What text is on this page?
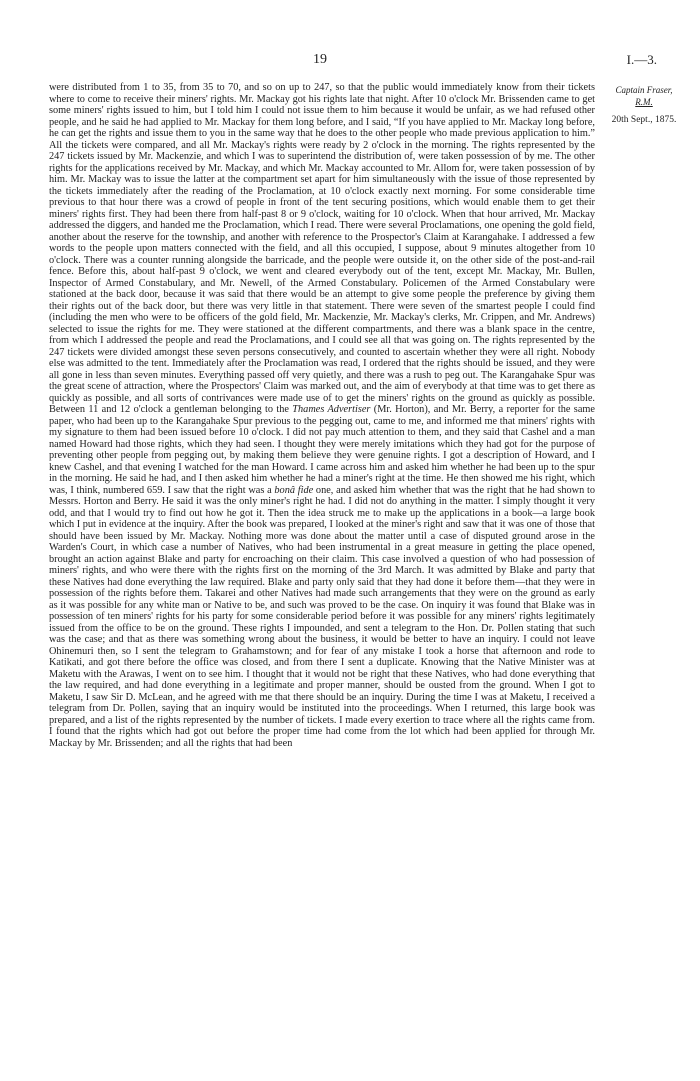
19	I.—3.
Captain Fraser,
R.M.
20th Sept., 1875.

were distributed from 1 to 35, from 35 to 70, and so on up to 247, so that the public would immediately know from their tickets where to come to receive their miners' rights. Mr. Mackay got his rights late that night. After 10 o'clock Mr. Brissenden came to get some miners' rights issued to him, but I told him I could not issue them to him because it would be unfair, as we had refused other people, and he said he had applied to Mr. Mackay for them long before, and I said, “If you have applied to Mr. Mackay long before, he can get the rights and issue them to you in the same way that he does to the other people who made previous application to him.” All the tickets were compared, and all Mr. Mackay's rights were ready by 2 o'clock in the morning. The rights represented by the 247 tickets issued by Mr. Mackenzie, and which I was to superintend the distribution of, were taken possession of by me. The other rights for the applications received by Mr. Mackay, and which Mr. Mackay accounted to Mr. Allom for, were taken possession of by him. Mr. Mackay was to issue the latter at the compartment set apart for him simultaneously with the issue of those represented by the tickets immediately after the reading of the Proclamation, at 10 o'clock exactly next morning. For some considerable time previous to that hour there was a crowd of people in front of the tent securing positions, which would enable them to get their miners' rights first. They had been there from half-past 8 or 9 o'clock, waiting for 10 o'clock. When that hour arrived, Mr. Mackay addressed the diggers, and handed me the Proclamation, which I read. There were several Proclamations, one opening the gold field, another about the reserve for the township, and another with reference to the Prospector's Claim at Karangahake. I addressed a few words to the people upon matters connected with the field, and all this occupied, I suppose, about 9 minutes altogether from 10 o'clock. There was a counter running alongside the barricade, and the people were outside it, on the other side of the post-and-rail fence. Before this, about half-past 9 o'clock, we went and cleared everybody out of the tent, except Mr. Mackay, Mr. Bullen, Inspector of Armed Constabulary, and Mr. Newell, of the Armed Constabulary. Policemen of the Armed Constabulary were stationed at the back door, because it was said that there would be an attempt to give some people the preference by giving them their rights out of the back door, but there was very little in that statement. There were seven of the smartest people I could find (including the men who were to be officers of the gold field, Mr. Mackenzie, Mr. Mackay's clerks, Mr. Crippen, and Mr. Andrews) selected to issue the rights for me. They were stationed at the different compartments, and there was a blank space in the centre, from which I addressed the people and read the Proclamations, and I could see all that was going on. The rights represented by the 247 tickets were divided amongst these seven persons consecutively, and counted to ascertain whether they were all right. Nobody else was admitted to the tent. Immediately after the Proclamation was read, I ordered that the rights should be issued, and they were all gone in less than seven minutes. Everything passed off very quietly, and there was a rush to peg out. The Karangahake Spur was the great scene of attraction, where the Prospectors' Claim was marked out, and the aim of everybody at that time was to get there as quickly as possible, and all sorts of contrivances were made use of to get the miners' rights on the ground as quickly as possible. Between 11 and 12 o'clock a gentleman belonging to the Thames Advertiser (Mr. Horton), and Mr. Berry, a reporter for the same paper, who had been up to the Karangahake Spur previous to the pegging out, came to me, and informed me that miners' rights with my signature to them had been issued before 10 o'clock. I did not pay much attention to them, and they said that Cashel and a man named Howard had those rights, which they had seen. I thought they were merely imitations which they had got for the purpose of preventing other people from pegging out, by making them believe they were genuine rights. I got a description of Howard, and I knew Cashel, and that evening I watched for the man Howard. I came across him and asked him whether he had been up to the spur in the morning. He said he had, and I then asked him whether he had a miner's right at the time. He then showed me his right, which was, I think, numbered 659. I saw that the right was a bonâ fide one, and asked him whether that was the right that he had shown to Messrs. Horton and Berry. He said it was the only miner's right he had. I did not do anything in the matter. I simply thought it very odd, and that I would try to find out how he got it. Then the idea struck me to make up the applications in a book—a large book which I put in evidence at the inquiry. After the book was prepared, I looked at the miner's right and saw that it was one of those that should have been issued by Mr. Mackay. Nothing more was done about the matter until a case of disputed ground arose in the Warden's Court, in which case a number of Natives, who had been instrumental in a great measure in getting the place opened, brought an action against Blake and party for encroaching on their claim. This case involved a question of who had possession of miners' rights, and who were there with the rights first on the morning of the 3rd March. It was admitted by Blake and party that these Natives had done everything the law required. Blake and party only said that they had done it before them—that they were in possession of the rights before them. Takarei and other Natives had made such arrangements that they were on the ground as early as it was possible for any white man or Native to be, and such was proved to be the case. On inquiry it was found that Blake was in possession of ten miners' rights for his party for some considerable period before it was possible for any miners' rights legitimately issued from the office to be on the ground. These rights I impounded, and sent a telegram to the Hon. Dr. Pollen stating that such was the case; and that as there was something wrong about the business, it would be better to have an inquiry. I could not leave Ohinemuri then, so I sent the telegram to Grahamstown; and for fear of any mistake I took a horse that afternoon and rode to Katikati, and got there before the office was closed, and from there I sent a duplicate. Knowing that the Native Minister was at Maketu with the Arawas, I went on to see him. I thought that it would not be right that these Natives, who had done everything that the law required, and had done everything in a legitimate and proper manner, should be ousted from the ground. When I got to Maketu, I saw Sir D. McLean, and he agreed with me that there should be an inquiry. During the time I was at Maketu, I received a telegram from Dr. Pollen, saying that an inquiry would be instituted into the proceedings. When I returned, this large book was prepared, and a list of the rights represented by the number of tickets. I made every exertion to trace where all the rights came from. I found that the rights which had got out before the proper time had come from the lot which had been applied for through Mr. Mackay by Mr. Brissenden; and all the rights that had been
